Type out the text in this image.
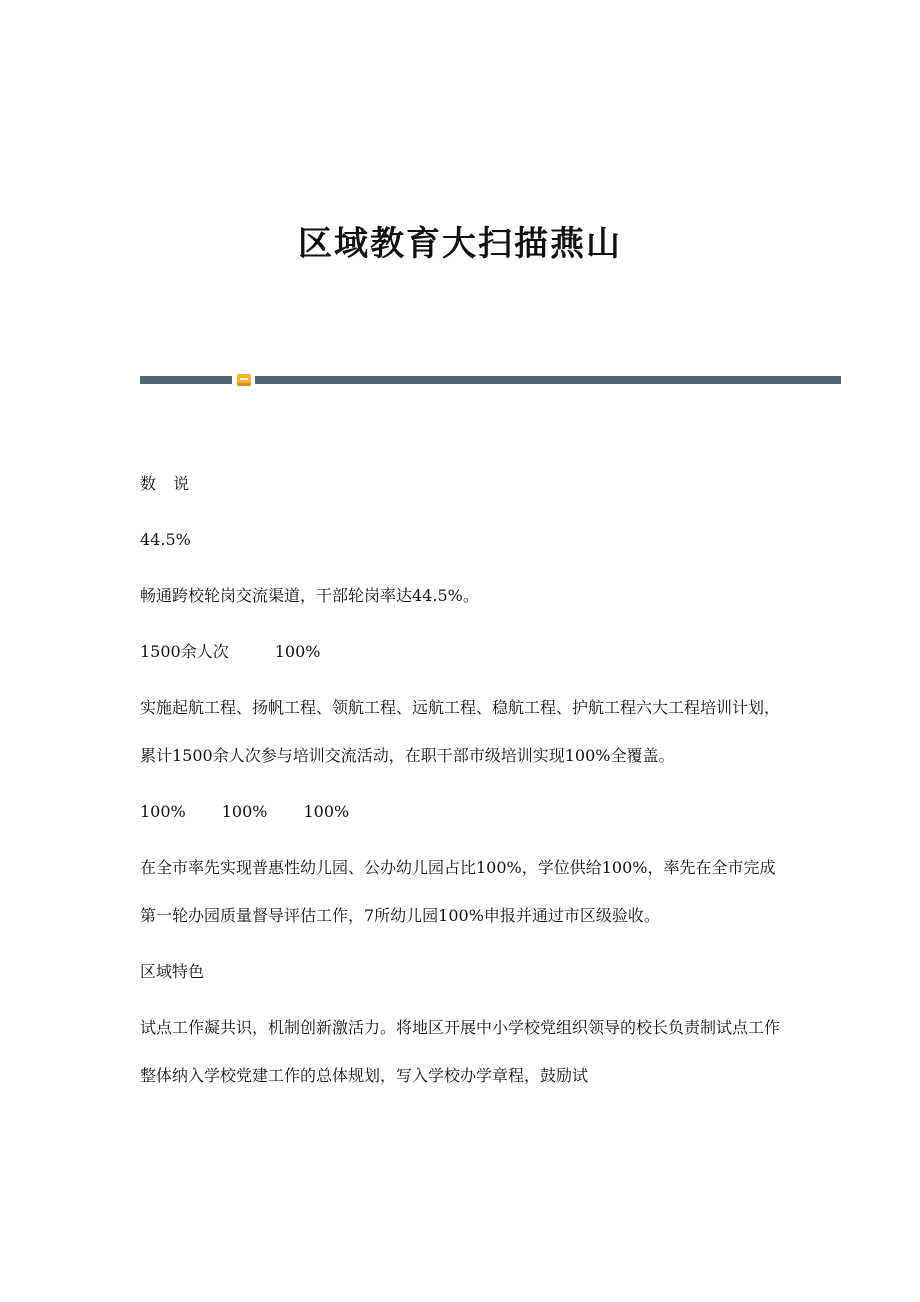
区域教育大扫描燕山

数 说

44.5%

畅通跨校轮岗交流渠道，干部轮岗率达44.5%。

1500余人次	100%

实施起航工程、扬帆工程、领航工程、远航工程、稳航工程、护航工程六大工程培训计划，累计1500余人次参与培训交流活动，在职干部市级培训实现100%全覆盖。

100% 100% 100%

在全市率先实现普惠性幼儿园、公办幼儿园占比100%，学位供给100%，率先在全市完成第一轮办园质量督导评估工作，7所幼儿园100%申报并通过市区级验收。

区域特色

试点工作凝共识，机制创新激活力。将地区开展中小学校党组织领导的校长负责制试点工作整体纳入学校党建工作的总体规划，写入学校办学章程，鼓励试
